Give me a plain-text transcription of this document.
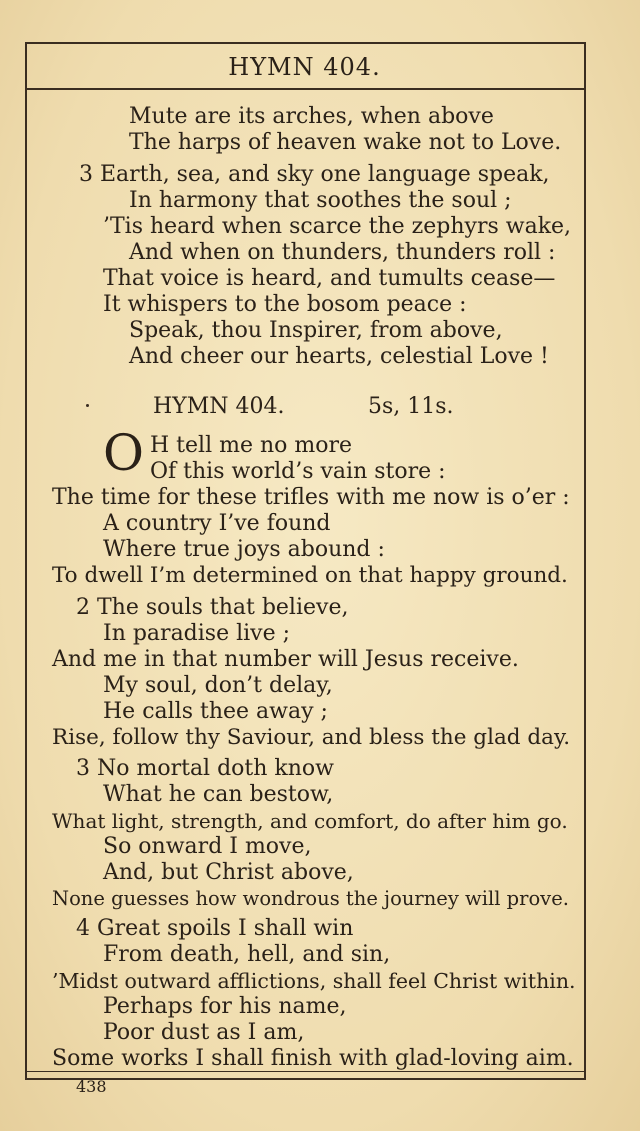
HYMN 404.
Mute are its arches, when above
The harps of heaven wake not to Love.
3 Earth, sea, and sky one language speak,
In harmony that soothes the soul ;
’Tis heard when scarce the zephyrs wake,
And when on thunders, thunders roll :
That voice is heard, and tumults cease—
It whispers to the bosom peace :
Speak, thou Inspirer, from above,
And cheer our hearts, celestial Love !
HYMN 404.	5s, 11s.
O H tell me no more
Of this world’s vain store :
The time for these trifles with me now is o’er :
A country I’ve found
Where true joys abound :
To dwell I’m determined on that happy ground.
2 The souls that believe,
In paradise live ;
And me in that number will Jesus receive.
My soul, don’t delay,
He calls thee away ;
Rise, follow thy Saviour, and bless the glad day.
3 No mortal doth know
What he can bestow,
What light, strength, and comfort, do after him go.
So onward I move,
And, but Christ above,
None guesses how wondrous the journey will prove.
4 Great spoils I shall win
From death, hell, and sin,
’Midst outward afflictions, shall feel Christ within.
Perhaps for his name,
Poor dust as I am,
Some works I shall finish with glad-loving aim.
438
